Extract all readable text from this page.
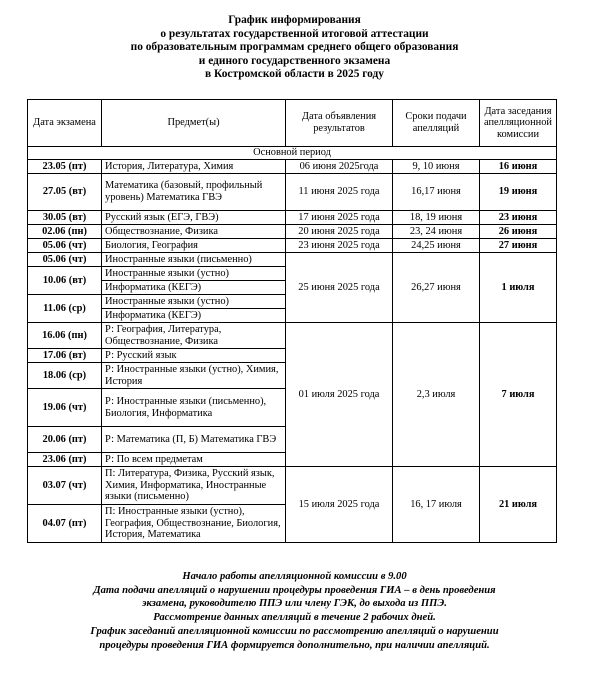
График информирования
о результатах государственной итоговой аттестации
по образовательным программам среднего общего образования
и единого государственного экзамена
в Костромской области в 2025 году
Дата экзамена	Предмет(ы)	Дата объявления результатов	Сроки подачи апелляций	Дата заседания апелляционной комиссии
Основной период				
23.05 (пт)	История, Литература, Химия	06 июня 2025года	9, 10 июня	16 июня
27.05 (вт)	Математика (базовый, профильный уровень) Математика ГВЭ	11 июня 2025 года	16,17 июня	19 июня
30.05 (вт)	Русский язык (ЕГЭ, ГВЭ)	17 июня 2025 года	18, 19 июня	23 июня
02.06 (пн)	Обществознание, Физика	20 июня 2025 года	23, 24 июня	26 июня
05.06 (чт)	Биология, География	23 июня 2025 года	24,25 июня	27 июня
05.06 (чт)	Иностранные языки (письменно)	25 июня 2025 года	26,27 июня	1 июля
10.06 (вт)	Иностранные языки (устно)			
	Информатика (КЕГЭ)			
11.06 (ср)	Иностранные языки (устно)			
	Информатика (КЕГЭ)			
16.06 (пн)	Р: География, Литература, Обществознание, Физика	01 июля 2025 года	2,3 июля	7 июля
17.06 (вт)	Р: Русский язык			
18.06 (ср)	Р: Иностранные языки (устно), Химия, История			
19.06 (чт)	Р: Иностранные языки (письменно), Биология, Информатика			
20.06 (пт)	Р: Математика (П, Б) Математика ГВЭ			
23.06 (пт)	Р: По всем предметам			
03.07 (чт)	П: Литература, Физика, Русский язык, Химия, Информатика, Иностранные языки (письменно)	15 июля 2025 года	16, 17 июля	21 июля
04.07 (пт)	П: Иностранные языки (устно), География, Обществознание, Биология, История, Математика			
Начало работы апелляционной комиссии в 9.00
Дата подачи апелляций о нарушении процедуры проведения ГИА – в день проведения
экзамена, руководителю ППЭ или члену ГЭК, до выхода из ППЭ.
Рассмотрение данных апелляций в течение 2 рабочих дней.
График заседаний апелляционной комиссии по рассмотрению апелляций о нарушении
процедуры проведения ГИА формируется дополнительно, при наличии апелляций.
